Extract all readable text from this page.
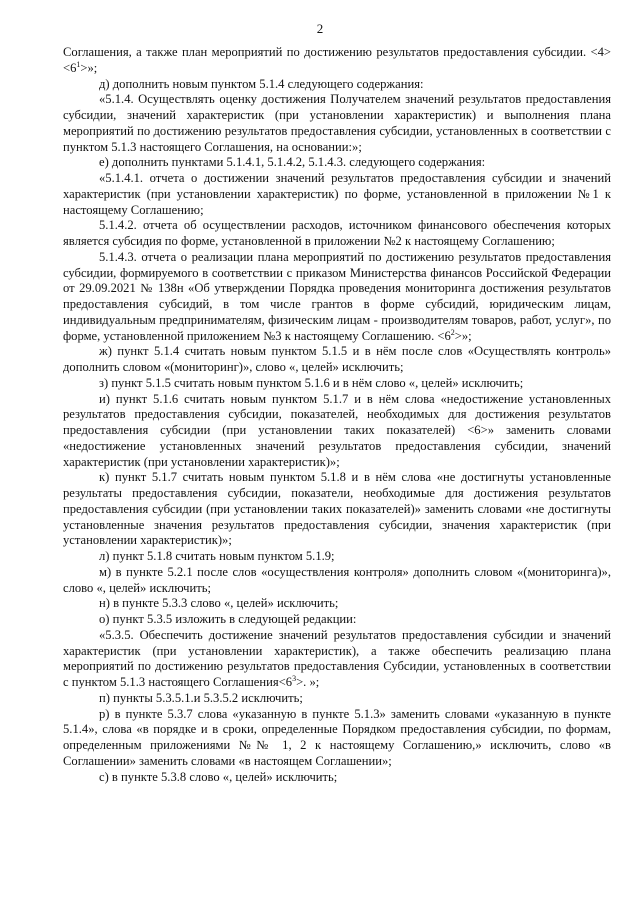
2

Соглашения, а также план мероприятий по достижению результатов предоставления субсидии. $<4> <6^1>$»;

д) дополнить новым пунктом 5.1.4 следующего содержания:

«5.1.4. Осуществлять оценку достижения Получателем значений результатов предоставления субсидии, значений характеристик (при установлении характеристик) и выполнения плана мероприятий по достижению результатов предоставления субсидии, установленных в соответствии с пунктом 5.1.3 настоящего Соглашения, на основании:»;

е) дополнить пунктами 5.1.4.1, 5.1.4.2, 5.1.4.3. следующего содержания:

«5.1.4.1. отчета о достижении значений результатов предоставления субсидии и значений характеристик (при установлении характеристик) по форме, установленной в приложении №1 к настоящему Соглашению;

5.1.4.2. отчета об осуществлении расходов, источником финансового обеспечения которых является субсидия по форме, установленной в приложении №2 к настоящему Соглашению;

5.1.4.3. отчета о реализации плана мероприятий по достижению результатов предоставления субсидии, формируемого в соответствии с приказом Министерства финансов Российской Федерации от 29.09.2021 № 138н «Об утверждении Порядка проведения мониторинга достижения результатов предоставления субсидий, в том числе грантов в форме субсидий, юридическим лицам, индивидуальным предпринимателям, физическим лицам - производителям товаров, работ, услуг», по форме, установленной приложением №3 к настоящему Соглашению. $<6^2>$»;

ж) пункт 5.1.4 считать новым пунктом 5.1.5 и в нём после слов «Осуществлять контроль» дополнить словом «(мониторинг)», слово «, целей» исключить;

з) пункт 5.1.5 считать новым пунктом 5.1.6 и в нём слово «, целей» исключить;

и) пункт 5.1.6 считать новым пунктом 5.1.7 и в нём слова «недостижение установленных результатов предоставления субсидии, показателей, необходимых для достижения результатов предоставления субсидии (при установлении таких показателей) <6>» заменить словами «недостижение установленных значений результатов предоставления субсидии, значений характеристик (при установлении характеристик)»;

к) пункт 5.1.7 считать новым пунктом 5.1.8 и в нём слова «не достигнуты установленные результаты предоставления субсидии, показатели, необходимые для достижения результатов предоставления субсидии (при установлении таких показателей)» заменить словами «не достигнуты установленные значения результатов предоставления субсидии, значения характеристик (при установлении характеристик)»;

л) пункт 5.1.8 считать новым пунктом 5.1.9;

м) в пункте 5.2.1 после слов «осуществления контроля» дополнить словом «(мониторинга)», слово «, целей» исключить;

н) в пункте 5.3.3 слово «, целей» исключить;

о) пункт 5.3.5 изложить в следующей редакции:

«5.3.5. Обеспечить достижение значений результатов предоставления субсидии и значений характеристик (при установлении характеристик), а также обеспечить реализацию плана мероприятий по достижению результатов предоставления Субсидии, установленных в соответствии с пунктом 5.1.3 настоящего $Соглашения<6^3>$. »;

п) пункты 5.3.5.1.и 5.3.5.2 исключить;

р) в пункте 5.3.7 слова «указанную в пункте 5.1.3» заменить словами «указанную в пункте 5.1.4», слова «в порядке и в сроки, определенные Порядком предоставления субсидии, по формам, определенным приложениями №№ 1, 2 к настоящему Соглашению,» исключить, слово «в Соглашении» заменить словами «в настоящем Соглашении»;

с) в пункте 5.3.8 слово «, целей» исключить;
